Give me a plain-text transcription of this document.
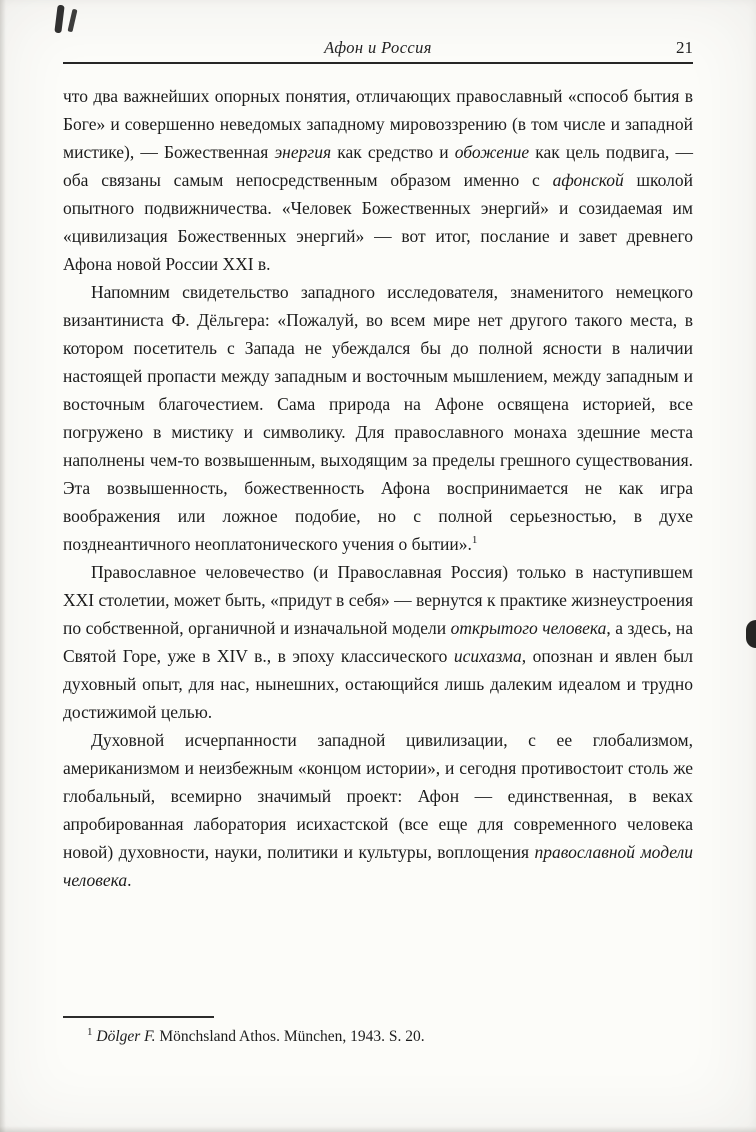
Афон и Россия	21

что два важнейших опорных понятия, отличающих православный «способ бытия в Боге» и совершенно неведомых западному мировоззрению (в том числе и западной мистике), — Божественная энергия как средство и обожение как цель подвига, — оба связаны самым непосредственным образом именно с афонской школой опытного подвижничества. «Человек Божественных энергий» и созидаемая им «цивилизация Божественных энергий» — вот итог, послание и завет древнего Афона новой России XXI в.

Напомним свидетельство западного исследователя, знаменитого немецкого византиниста Ф. Дёльгера: «Пожалуй, во всем мире нет другого такого места, в котором посетитель с Запада не убеждался бы до полной ясности в наличии настоящей пропасти между западным и восточным мышлением, между западным и восточным благочестием. Сама природа на Афоне освящена историей, все погружено в мистику и символику. Для православного монаха здешние места наполнены чем-то возвышенным, выходящим за пределы грешного существования. Эта возвышенность, божественность Афона воспринимается не как игра воображения или ложное подобие, но с полной серьезностью, в духе позднеантичного неоплатонического учения о бытии».$^1$

Православное человечество (и Православная Россия) только в наступившем XXI столетии, может быть, «придут в себя» — вернутся к практике жизнеустроения по собственной, органичной и изначальной модели открытого человека, а здесь, на Святой Горе, уже в XIV в., в эпоху классического исихазма, опознан и явлен был духовный опыт, для нас, нынешних, остающийся лишь далеким идеалом и трудно достижимой целью.

Духовной исчерпанности западной цивилизации, с ее глобализмом, американизмом и неизбежным «концом истории», и сегодня противостоит столь же глобальный, всемирно значимый проект: Афон — единственная, в веках апробированная лаборатория исихастской (все еще для современного человека новой) духовности, науки, политики и культуры, воплощения православной модели человека.

$^1$ Dölger F. Mönchsland Athos. München, 1943. S. 20.
